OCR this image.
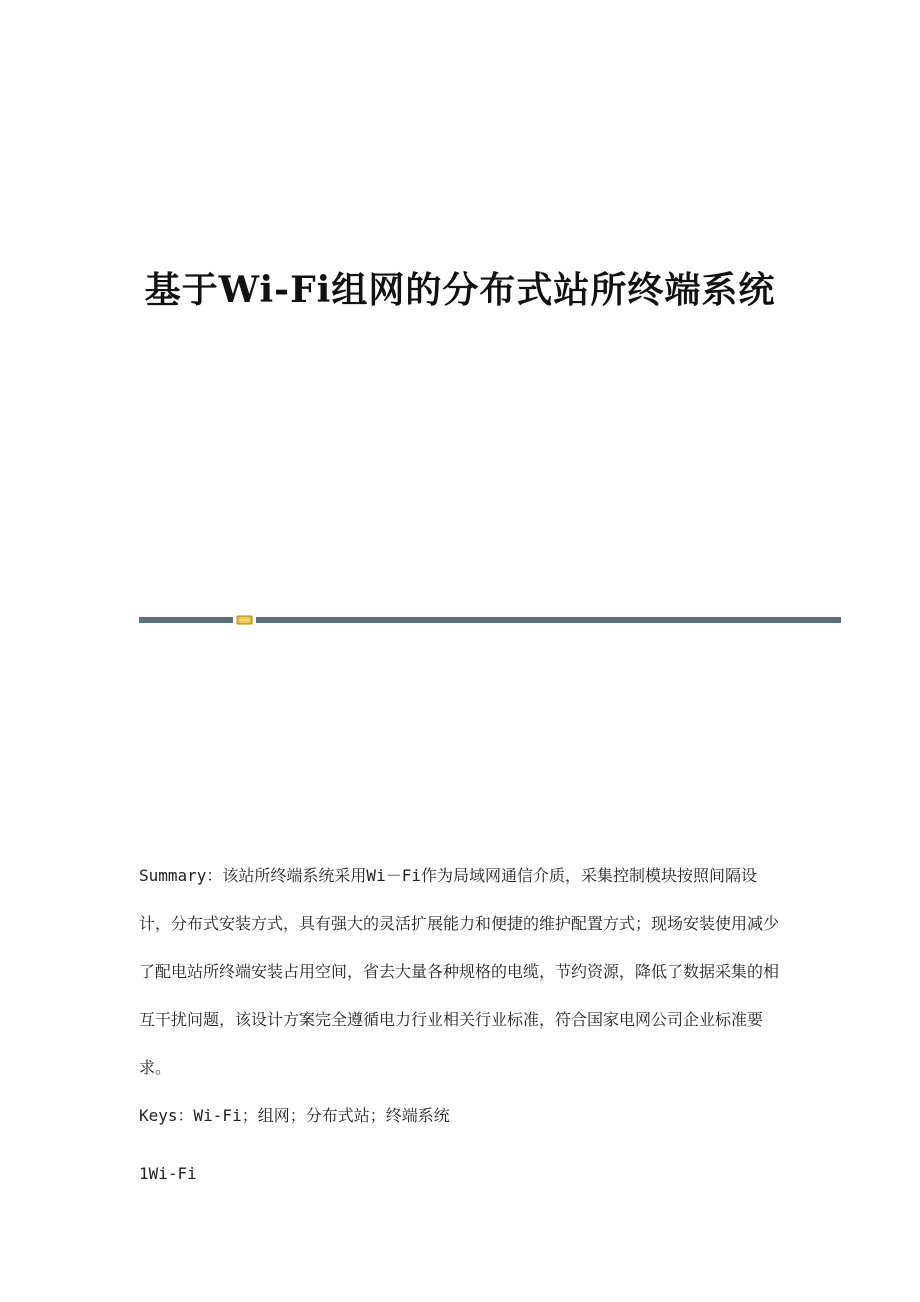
基于Wi-Fi组网的分布式站所终端系统

Summary：该站所终端系统采用Wi－Fi作为局域网通信介质，采集控制模块按照间隔设计，分布式安装方式，具有强大的灵活扩展能力和便捷的维护配置方式；现场安装使用减少了配电站所终端安装占用空间，省去大量各种规格的电缆，节约资源，降低了数据采集的相互干扰问题，该设计方案完全遵循电力行业相关行业标准，符合国家电网公司企业标准要求。

Keys：Wi-Fi；组网；分布式站；终端系统

1Wi-Fi
